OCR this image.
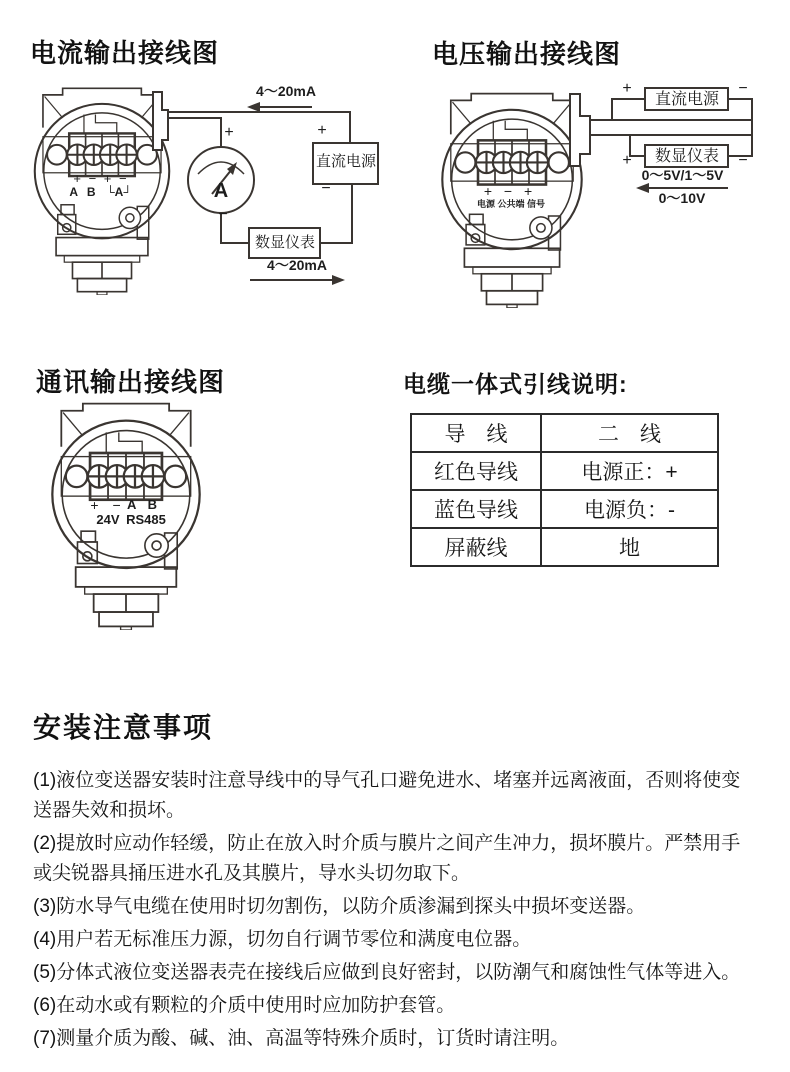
电流输出接线图
4～20mA
+
−
A
+
−
直流电源
数显仪表
4～20mA
+ − + −
A B └A┘
电压输出接线图
+	−
直流电源
+	−
数显仪表
0～5V/1～5V
0～10V
+ − +
电源 公共端 信号
通讯输出接线图
+ − A B
24V RS485
电缆一体式引线说明:
导　线	二　线
红色导线	电源正：+
蓝色导线	电源负：-
屏蔽线	地
安装注意事项

(1)液位变送器安装时注意导线中的导气孔口避免进水、堵塞并远离液面，否则将使变送器失效和损坏。

(2)提放时应动作轻缓，防止在放入时介质与膜片之间产生冲力，损坏膜片。严禁用手或尖锐器具捅压进水孔及其膜片，导水头切勿取下。

(3)防水导气电缆在使用时切勿割伤，以防介质渗漏到探头中损坏变送器。

(4)用户若无标准压力源，切勿自行调节零位和满度电位器。

(5)分体式液位变送器表壳在接线后应做到良好密封，以防潮气和腐蚀性气体等进入。

(6)在动水或有颗粒的介质中使用时应加防护套管。

(7)测量介质为酸、碱、油、高温等特殊介质时，订货时请注明。
